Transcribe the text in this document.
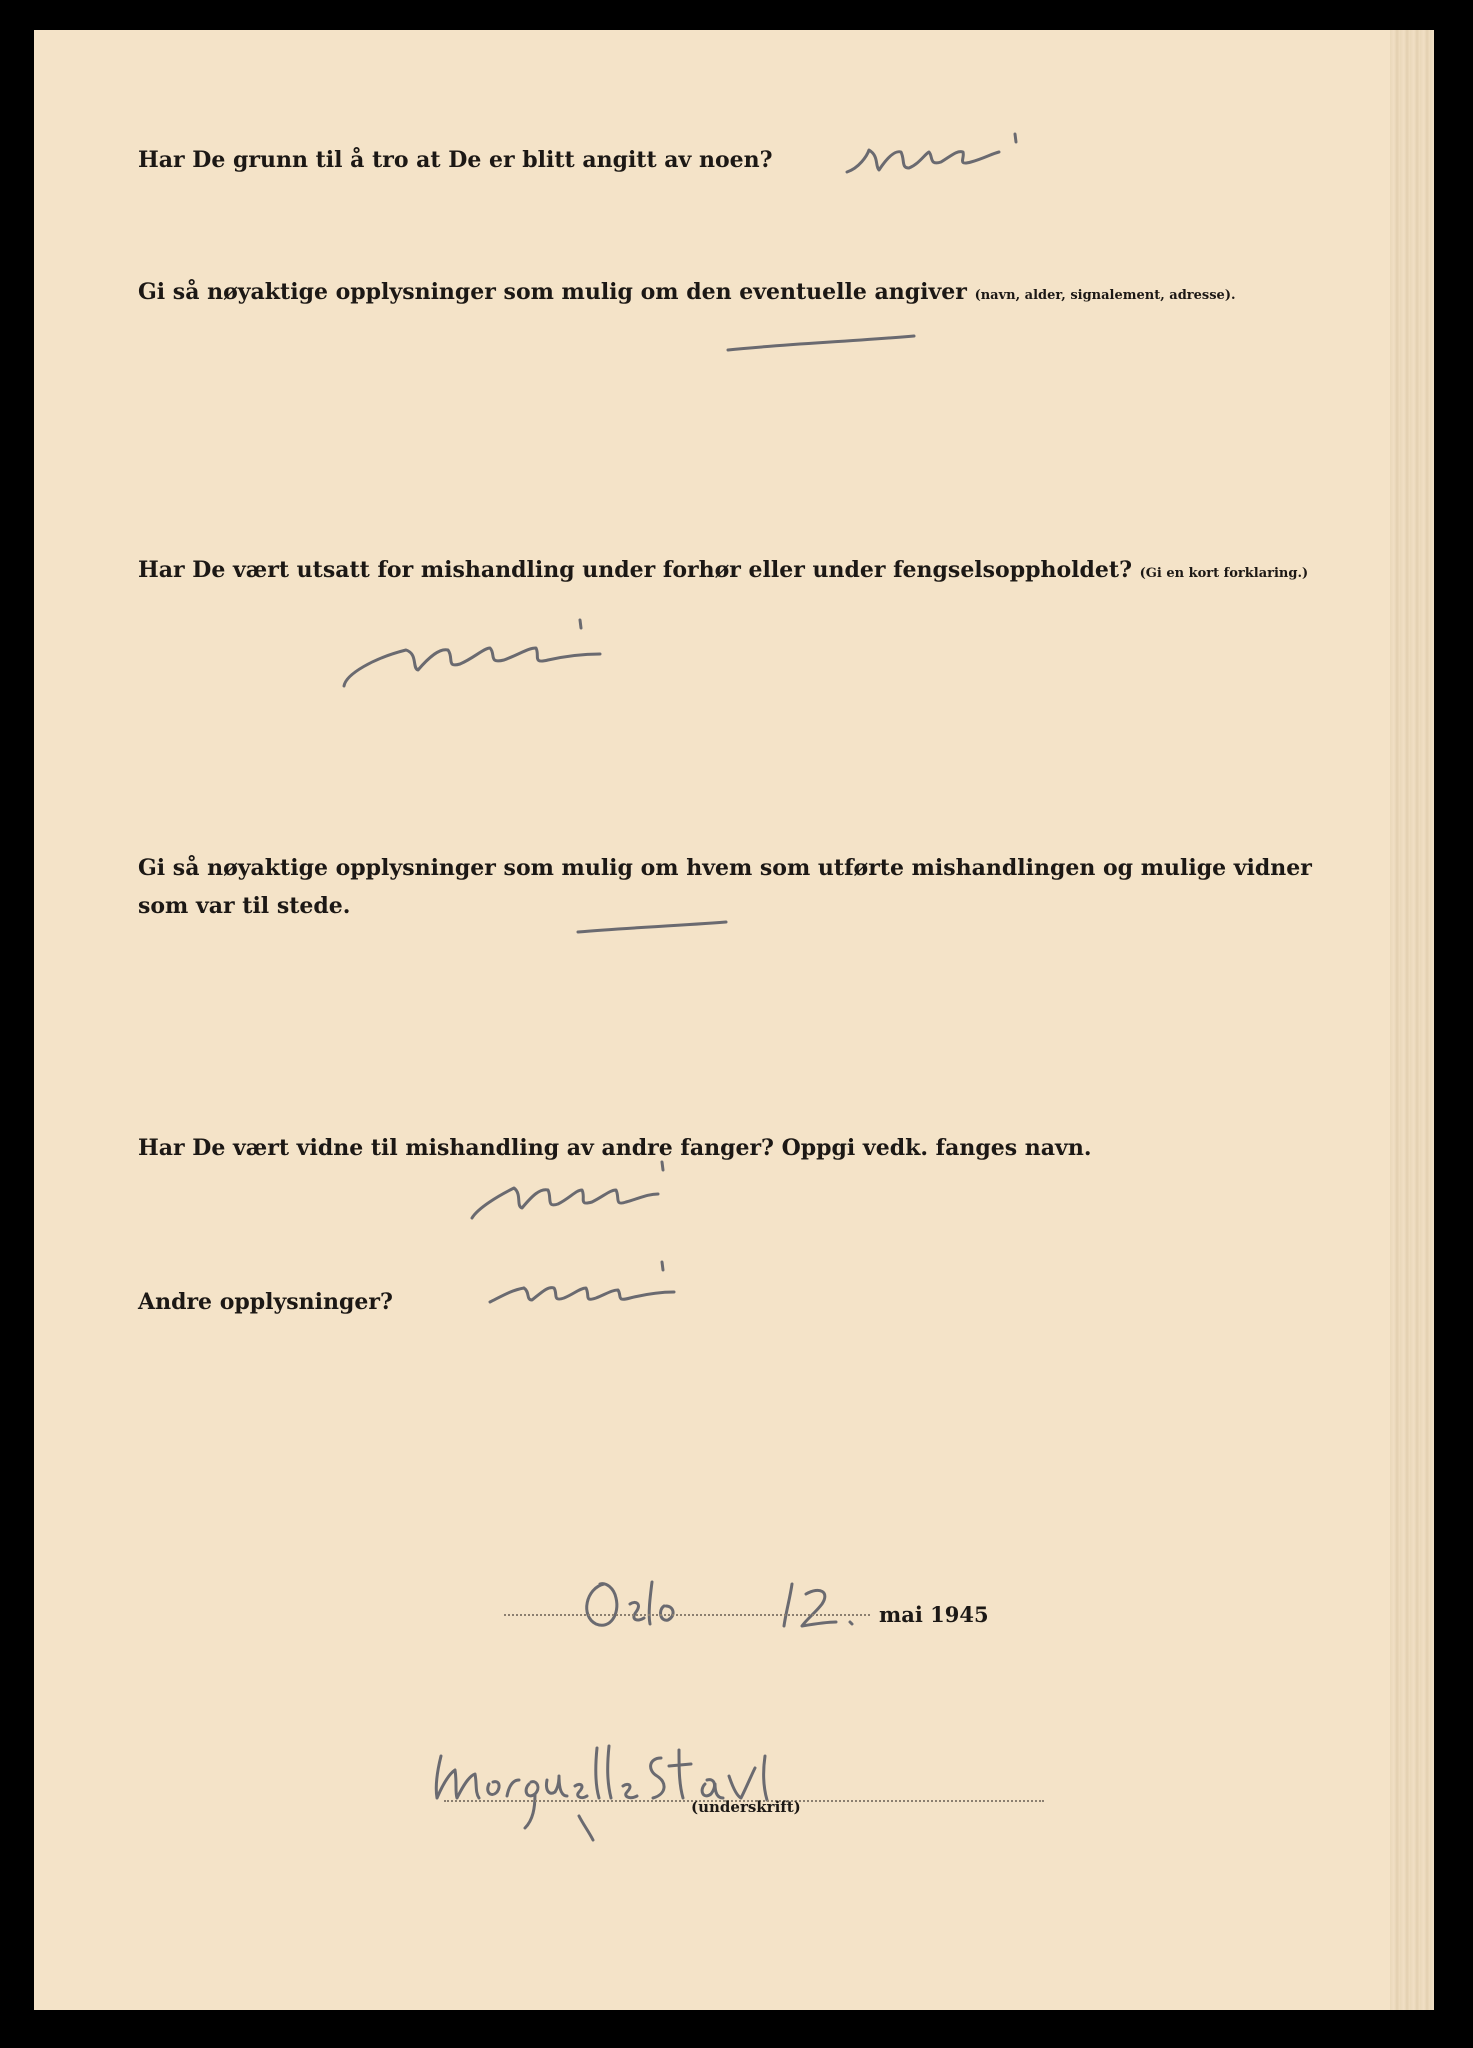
Har De grunn til å tro at De er blitt angitt av noen?
Gi så nøyaktige opplysninger som mulig om den eventuelle angiver (navn, alder, signalement, adresse).
Har De vært utsatt for mishandling under forhør eller under fengselsoppholdet? (Gi en kort forklaring.)
Gi så nøyaktige opplysninger som mulig om hvem som utførte mishandlingen og mulige vidner
som var til stede.
Har De vært vidne til mishandling av andre fanger? Oppgi vedk. fanges navn.
Andre opplysninger?
mai 1945
(underskrift)
